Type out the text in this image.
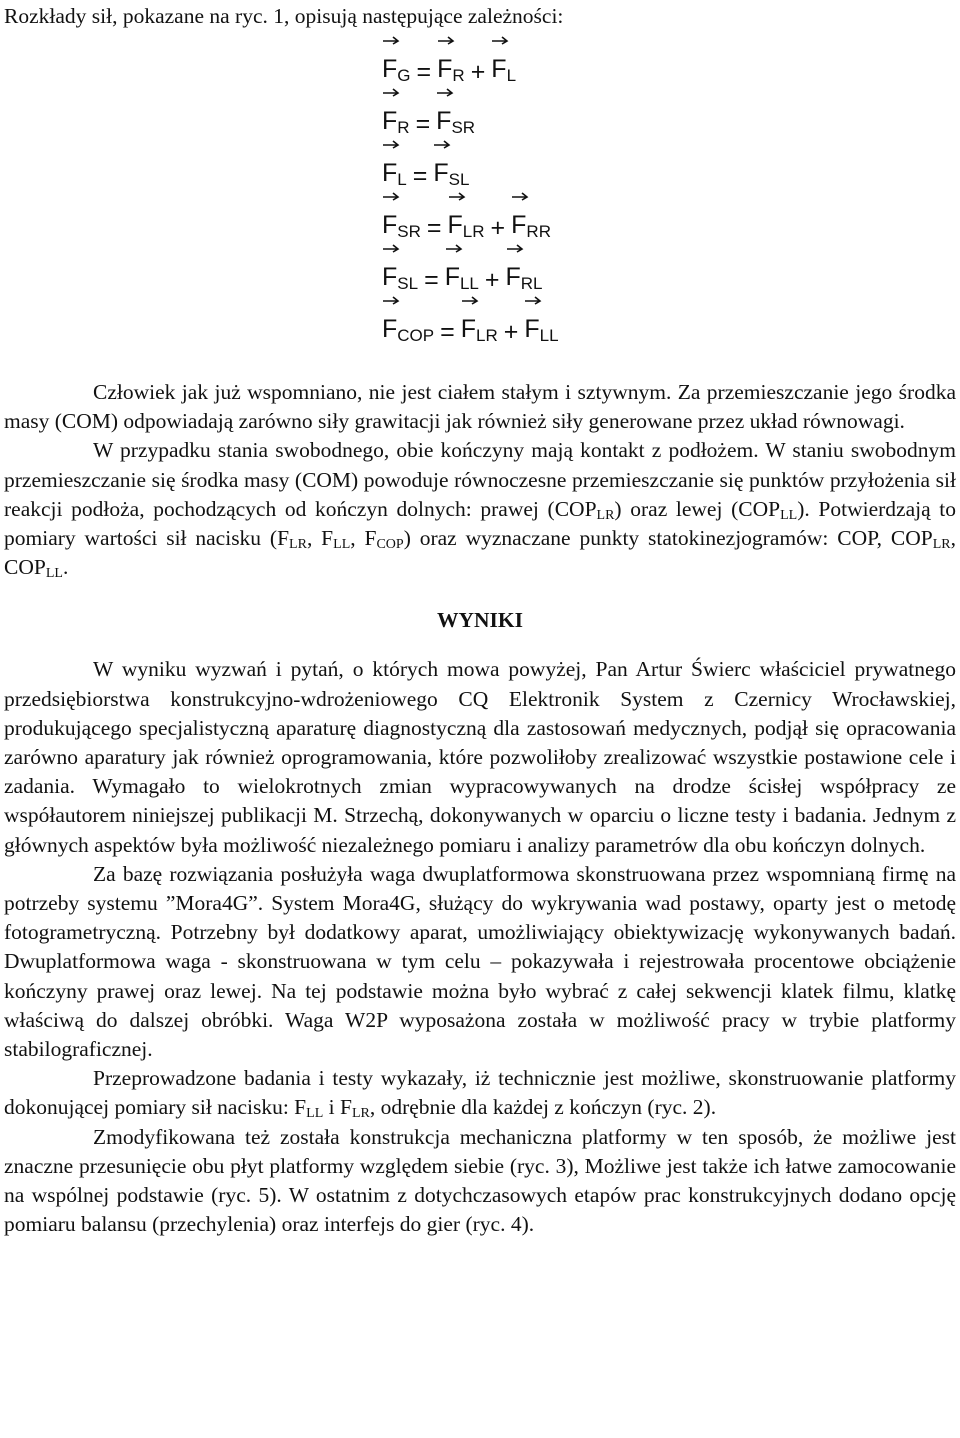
Rozkłady sił, pokazane na ryc. 1, opisują następujące zależności:

FG = FR + FL
FR = FSR
FL = FSL
FSR = FLR + FRR
FSL = FLL + FRL
FCOP = FLR + FLL

Człowiek jak już wspomniano, nie jest ciałem stałym i sztywnym. Za przemieszczanie jego środka masy (COM) odpowiadają zarówno siły grawitacji jak również siły generowane przez układ równowagi.

W przypadku stania swobodnego, obie kończyny mają kontakt z podłożem. W staniu swobodnym przemieszczanie się środka masy (COM) powoduje równoczesne przemieszczanie się punktów przyłożenia sił reakcji podłoża, pochodzących od kończyn dolnych: prawej $(COP_{LR})$ oraz lewej $(COP_{LL})$. Potwierdzają to pomiary wartości sił nacisku ($F_{LR}$, $F_{LL}$, $F_{COP}$) oraz wyznaczane punkty statokinezjogramów: COP, $COP_{LR}$, $COP_{LL}$.

WYNIKI

W wyniku wyzwań i pytań, o których mowa powyżej, Pan Artur Świerc właściciel prywatnego przedsiębiorstwa konstrukcyjno-wdrożeniowego CQ Elektronik System z Czernicy Wrocławskiej, produkującego specjalistyczną aparaturę diagnostyczną dla zastosowań medycznych, podjął się opracowania zarówno aparatury jak również oprogramowania, które pozwoliłoby zrealizować wszystkie postawione cele i zadania. Wymagało to wielokrotnych zmian wypracowywanych na drodze ścisłej współpracy ze współautorem niniejszej publikacji M. Strzechą, dokonywanych w oparciu o liczne testy i badania. Jednym z głównych aspektów była możliwość niezależnego pomiaru i analizy parametrów dla obu kończyn dolnych.

Za bazę rozwiązania posłużyła waga dwuplatformowa skonstruowana przez wspomnianą firmę na potrzeby systemu ”Mora4G”. System Mora4G, służący do wykrywania wad postawy, oparty jest o metodę fotogrametryczną. Potrzebny był dodatkowy aparat, umożliwiający obiektywizację wykonywanych badań. Dwuplatformowa waga - skonstruowana w tym celu – pokazywała i rejestrowała procentowe obciążenie kończyny prawej oraz lewej. Na tej podstawie można było wybrać z całej sekwencji klatek filmu, klatkę właściwą do dalszej obróbki. Waga W2P wyposażona została w możliwość pracy w trybie platformy stabilograficznej.

Przeprowadzone badania i testy wykazały, iż technicznie jest możliwe, skonstruowanie platformy dokonującej pomiary sił nacisku: $F_{LL}$ i $F_{LR}$, odrębnie dla każdej z kończyn (ryc. 2).

Zmodyfikowana też została konstrukcja mechaniczna platformy w ten sposób, że możliwe jest znaczne przesunięcie obu płyt platformy względem siebie (ryc. 3), Możliwe jest także ich łatwe zamocowanie na wspólnej podstawie (ryc. 5). W ostatnim z dotychczasowych etapów prac konstrukcyjnych dodano opcję pomiaru balansu (przechylenia) oraz interfejs do gier (ryc. 4).
